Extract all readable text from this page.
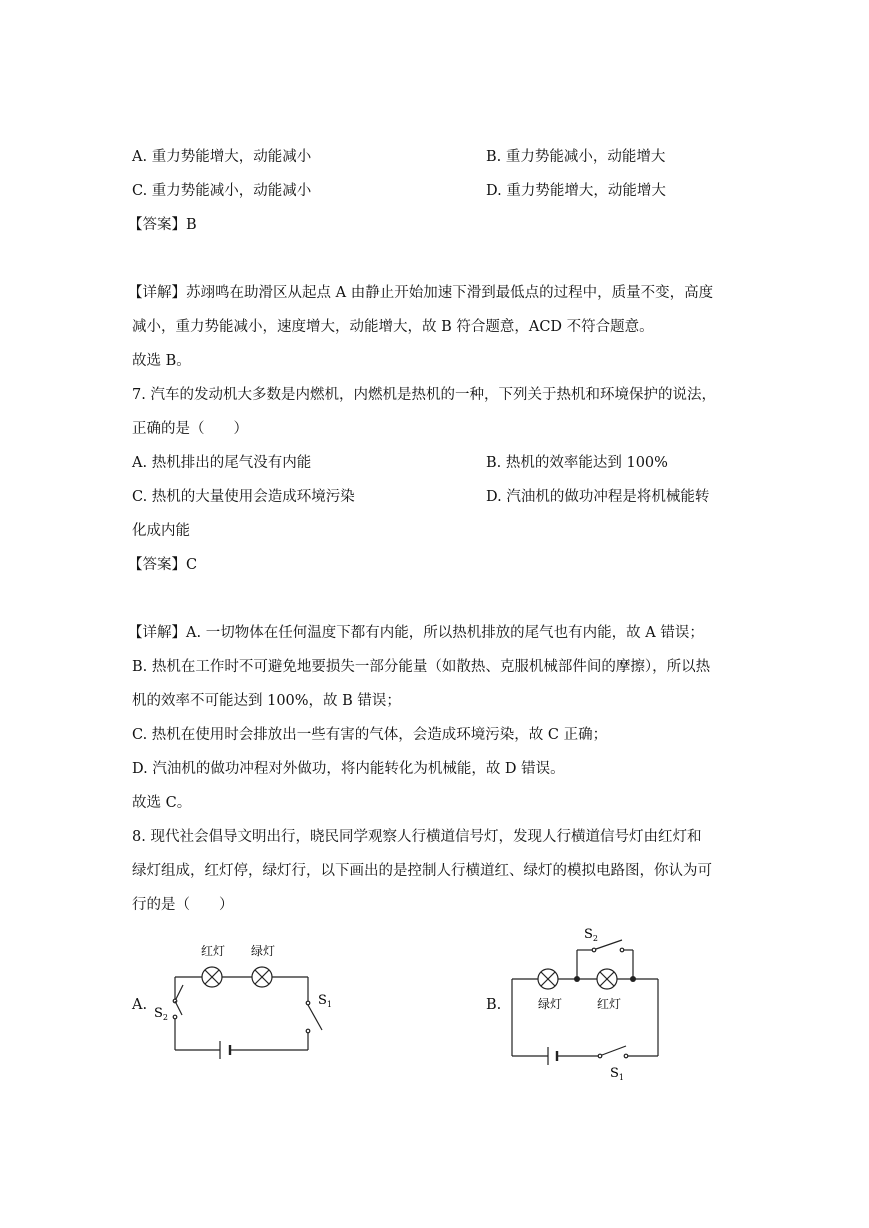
A. 重力势能增大，动能减小	B. 重力势能减小，动能增大
C. 重力势能减小，动能减小	D. 重力势能增大，动能增大
【答案】B
【详解】苏翊鸣在助滑区从起点 A 由静止开始加速下滑到最低点的过程中，质量不变，高度
减小，重力势能减小，速度增大，动能增大，故 B 符合题意，ACD 不符合题意。
故选 B。
7. 汽车的发动机大多数是内燃机，内燃机是热机的一种，下列关于热机和环境保护的说法，
正确的是（　　）
A. 热机排出的尾气没有内能	B. 热机的效率能达到 100%
C. 热机的大量使用会造成环境污染	D. 汽油机的做功冲程是将机械能转
化成内能
【答案】C
【详解】A. 一切物体在任何温度下都有内能，所以热机排放的尾气也有内能，故 A 错误；
B. 热机在工作时不可避免地要损失一部分能量（如散热、克服机械部件间的摩擦），所以热
机的效率不可能达到 100%，故 B 错误；
C. 热机在使用时会排放出一些有害的气体，会造成环境污染，故 C 正确；
D. 汽油机的做功冲程对外做功，将内能转化为机械能，故 D 错误。
故选 C。
8. 现代社会倡导文明出行，晓民同学观察人行横道信号灯，发现人行横道信号灯由红灯和
绿灯组成，红灯停，绿灯行，以下画出的是控制人行横道红、绿灯的模拟电路图，你认为可
行的是（　　）
A.
红灯 绿灯
$S_1$
$S_2$
B.	绿灯	红灯
$S_2$
$S_1$
